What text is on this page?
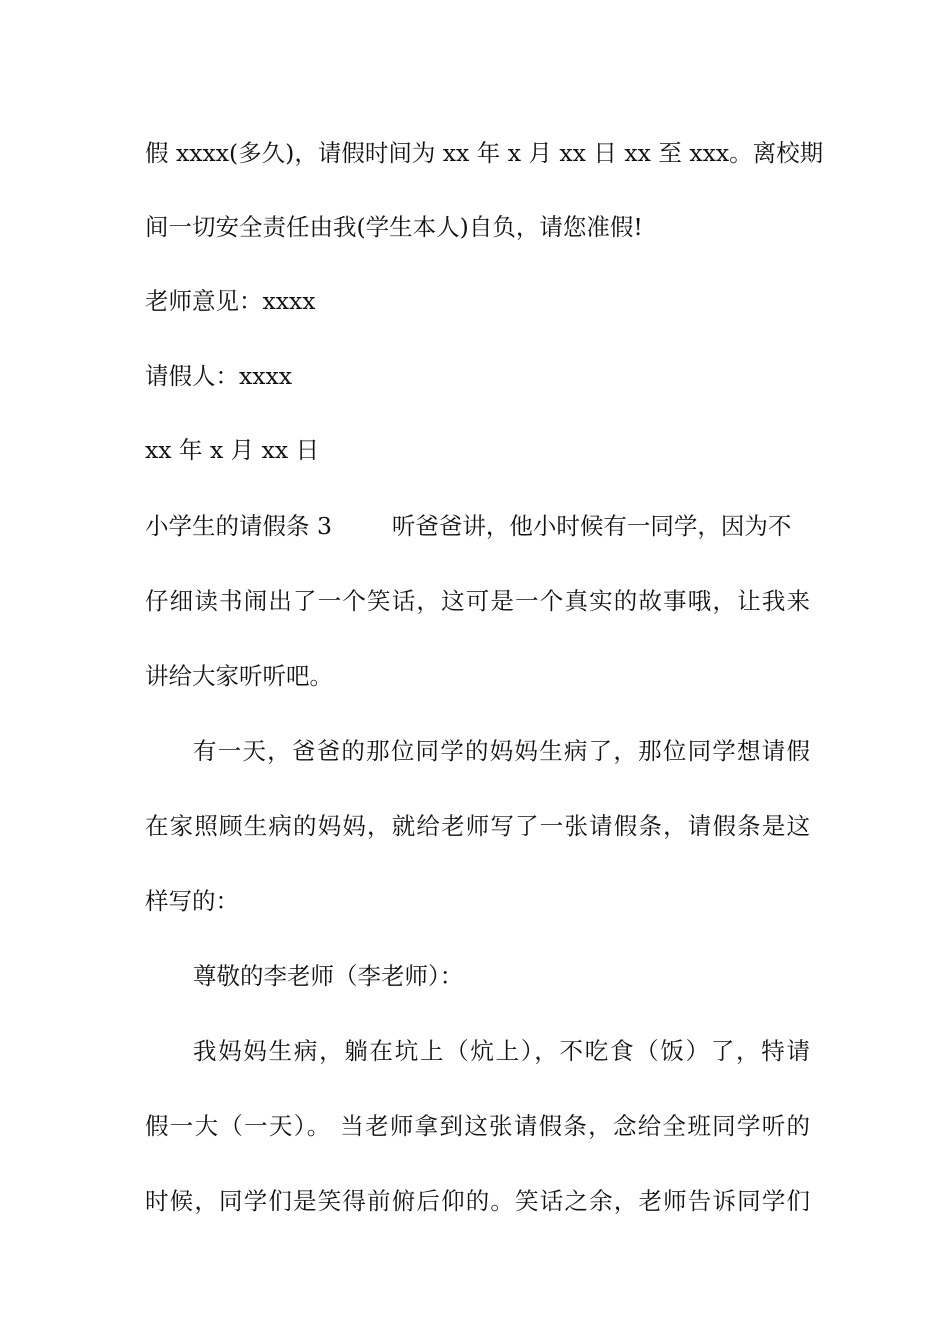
假 xxxx(多久)，请假时间为 xx 年 x 月 xx 日 xx 至 xxx。离校期
间一切安全责任由我(学生本人)自负，请您准假!
老师意见：xxxx
请假人：xxxx
xx 年 x 月 xx 日
小学生的请假条 3	听爸爸讲，他小时候有一同学，因为不
仔细读书闹出了一个笑话，这可是一个真实的故事哦，让我来
讲给大家听听吧。
有一天，爸爸的那位同学的妈妈生病了，那位同学想请假
在家照顾生病的妈妈，就给老师写了一张请假条，请假条是这
样写的：
尊敬的李老师（李老师）：
我妈妈生病，躺在坑上（炕上），不吃食（饭）了，特请
假一大（一天）。 当老师拿到这张请假条，念给全班同学听的
时候，同学们是笑得前俯后仰的。笑话之余，老师告诉同学们
